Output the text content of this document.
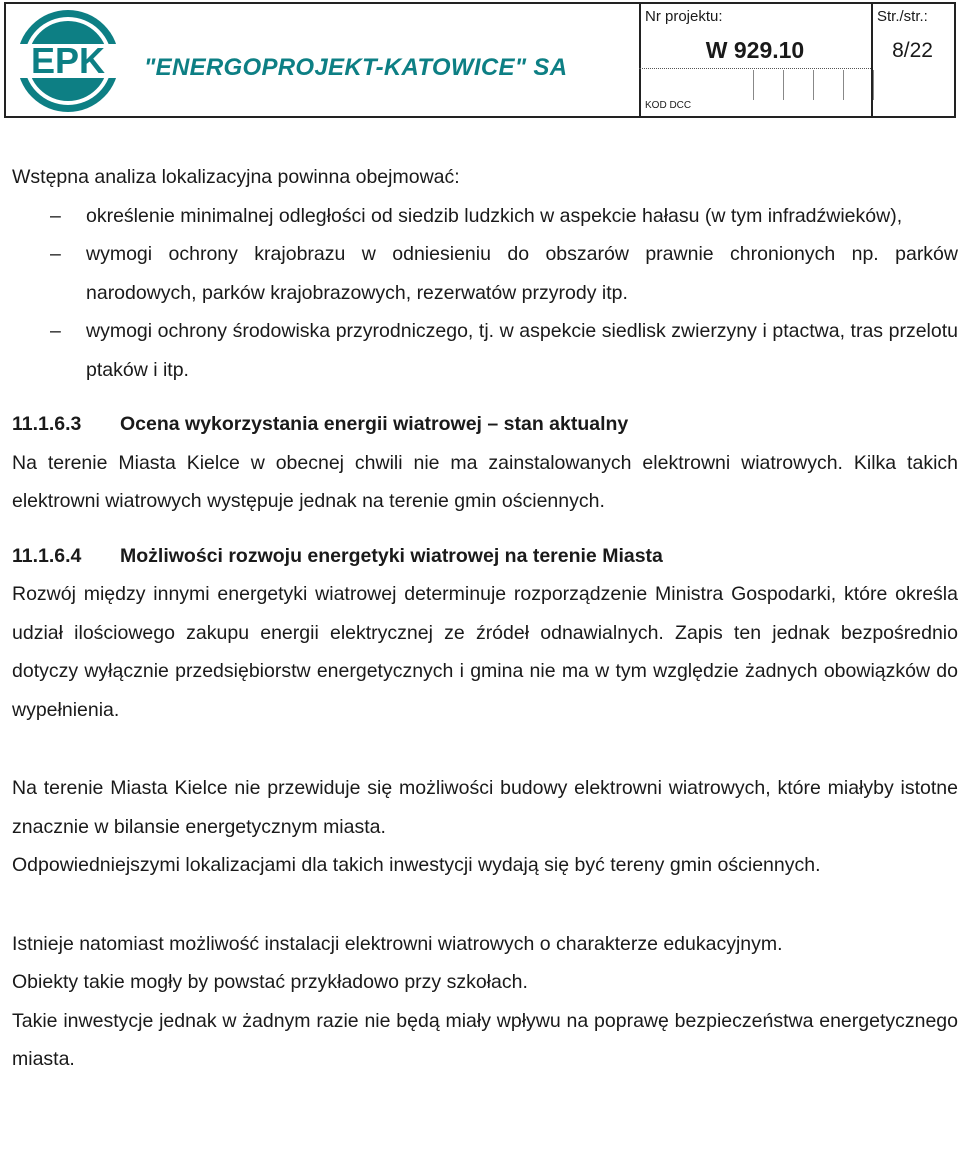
EPK "ENERGOPROJEKT-KATOWICE" SA
Nr projektu:
W 929.10
KOD DCC
Str./str.:
8/22

Wstępna analiza lokalizacyjna powinna obejmować:

– określenie minimalnej odległości od siedzib ludzkich w aspekcie hałasu (w tym infradźwieków),
– wymogi ochrony krajobrazu w odniesieniu do obszarów prawnie chronionych np. parków narodowych, parków krajobrazowych, rezerwatów przyrody itp.
– wymogi ochrony środowiska przyrodniczego, tj. w aspekcie siedlisk zwierzyny i ptactwa, tras przelotu ptaków i itp.

11.1.6.3 Ocena wykorzystania energii wiatrowej – stan aktualny

Na terenie Miasta Kielce w obecnej chwili nie ma zainstalowanych elektrowni wiatrowych. Kilka takich elektrowni wiatrowych występuje jednak na terenie gmin ościennych.

11.1.6.4 Możliwości rozwoju energetyki wiatrowej na terenie Miasta

Rozwój między innymi energetyki wiatrowej determinuje rozporządzenie Ministra Gospodarki, które określa udział ilościowego zakupu energii elektrycznej ze źródeł odnawialnych. Zapis ten jednak bezpośrednio dotyczy wyłącznie przedsiębiorstw energetycznych i gmina nie ma w tym względzie żadnych obowiązków do wypełnienia.

Na terenie Miasta Kielce nie przewiduje się możliwości budowy elektrowni wiatrowych, które miałyby istotne znacznie w bilansie energetycznym miasta.

Odpowiedniejszymi lokalizacjami dla takich inwestycji wydają się być tereny gmin ościennych.

Istnieje natomiast możliwość instalacji elektrowni wiatrowych o charakterze edukacyjnym.

Obiekty takie mogły by powstać przykładowo przy szkołach.

Takie inwestycje jednak w żadnym razie nie będą miały wpływu na poprawę bezpieczeństwa energetycznego miasta.
